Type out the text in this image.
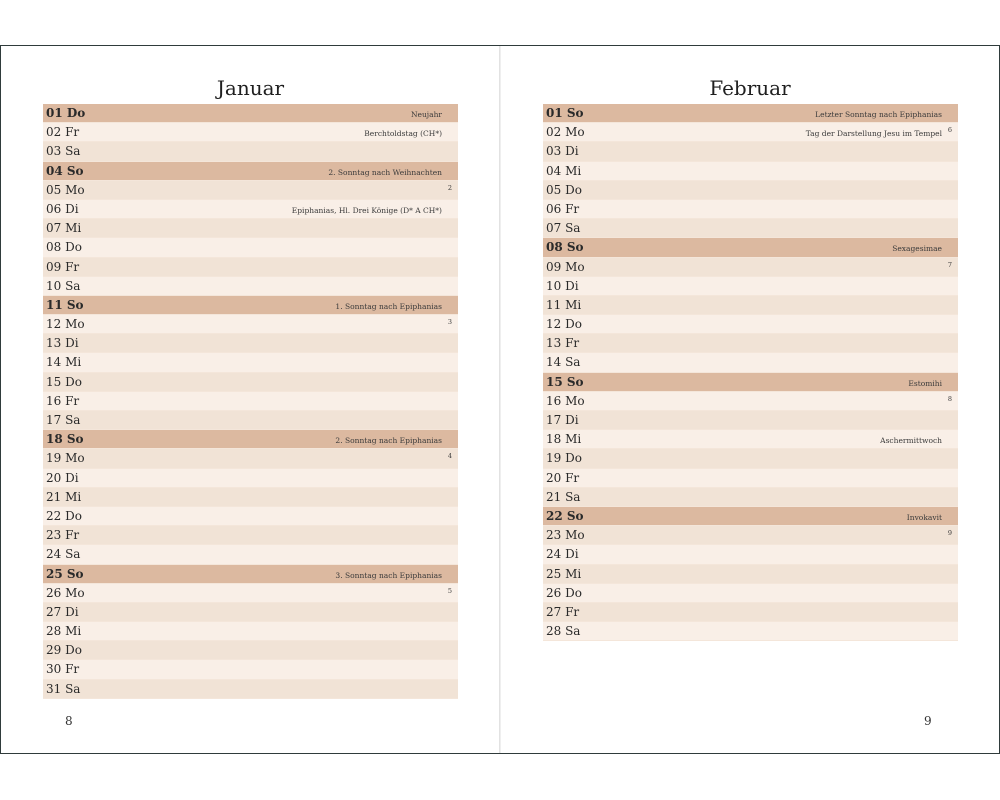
Januar
01 Do	Neujahr
02 Fr	Berchtoldstag (CH*)
03 Sa
04 So	2. Sonntag nach Weihnachten
05 Mo	2
06 Di	Epiphanias, Hl. Drei Könige (D* A CH*)
07 Mi
08 Do
09 Fr
10 Sa
11 So	1. Sonntag nach Epiphanias
12 Mo	3
13 Di
14 Mi
15 Do
16 Fr
17 Sa
18 So	2. Sonntag nach Epiphanias
19 Mo	4
20 Di
21 Mi
22 Do
23 Fr
24 Sa
25 So	3. Sonntag nach Epiphanias
26 Mo	5
27 Di
28 Mi
29 Do
30 Fr
31 Sa
8
Februar
01 So	Letzter Sonntag nach Epiphanias
02 Mo	Tag der Darstellung Jesu im Tempel 6
03 Di
04 Mi
05 Do
06 Fr
07 Sa
08 So	Sexagesimae
09 Mo	7
10 Di
11 Mi
12 Do
13 Fr
14 Sa
15 So	Estomihi
16 Mo	8
17 Di
18 Mi	Aschermittwoch
19 Do
20 Fr
21 Sa
22 So	Invokavit
23 Mo	9
24 Di
25 Mi
26 Do
27 Fr
28 Sa
9
